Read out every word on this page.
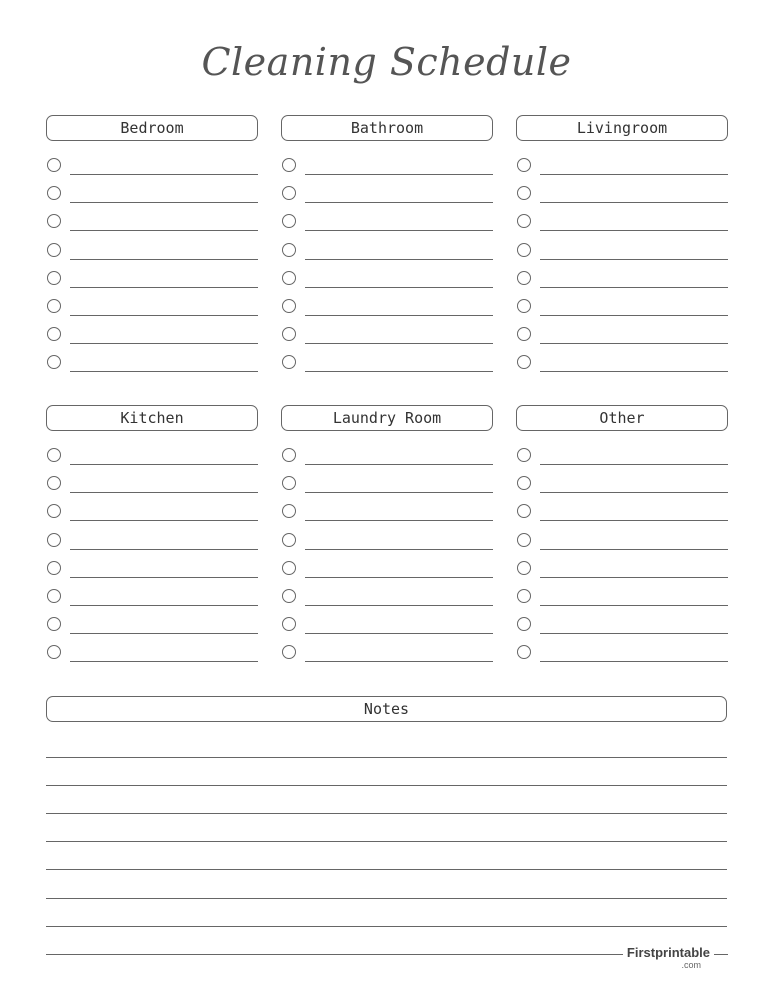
Cleaning Schedule
Bedroom	Bathroom	Livingroom
Kitchen	Laundry Room	Other
Notes
Firstprintable
.com
